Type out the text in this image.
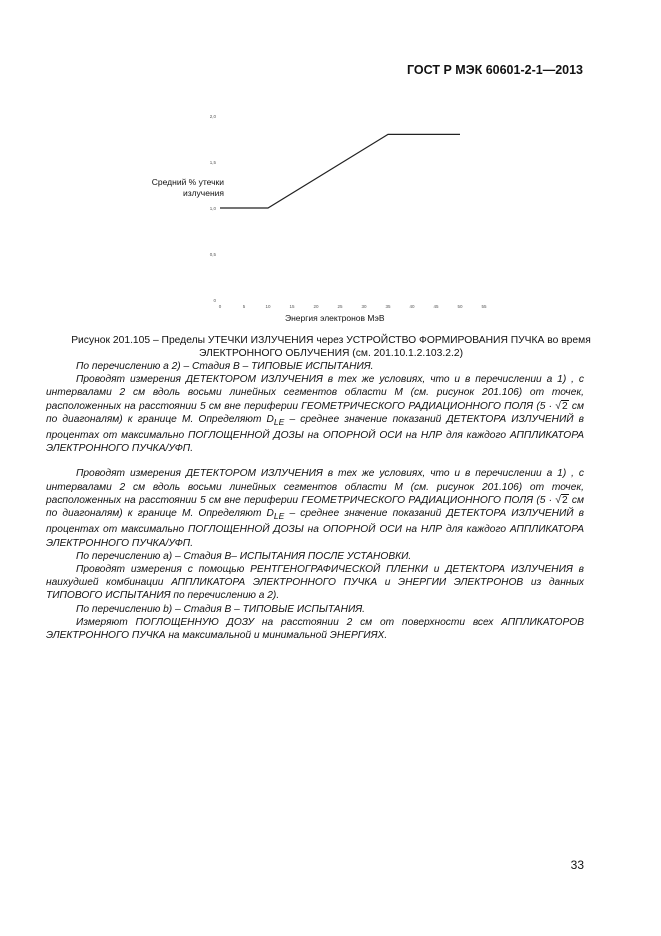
ГОСТ Р МЭК 60601-2-1—2013
0
0,5
1,0
1,5
2,0
0	5	10	15	20	25	30	35	40	45	50	55
Средний % утечки излучения
Энергия электронов МэВ
Рисунок 201.105 – Пределы УТЕЧКИ ИЗЛУЧЕНИЯ через УСТРОЙСТВО ФОРМИРОВАНИЯ ПУЧКА во время ЭЛЕКТРОННОГО ОБЛУЧЕНИЯ (см. 201.10.1.2.103.2.2)

По перечислению а 2) – Стадия В – ТИПОВЫЕ ИСПЫТАНИЯ.

Проводят измерения ДЕТЕКТОРОМ ИЗЛУЧЕНИЯ в тех же условиях, что и в перечислении а 1) , с интервалами 2 см вдоль восьми линейных сегментов области М (см. рисунок 201.106) от точек, расположенных на расстоянии 5 см вне периферии ГЕОМЕТРИЧЕСКОГО РАДИАЦИОННОГО ПОЛЯ (5 · √2 см по диагоналям) к границе М. Определяют $D_{LE}$ – среднее значение показаний ДЕТЕКТОРА ИЗЛУЧЕНИЙ в процентах от максимально ПОГЛОЩЕННОЙ ДОЗЫ на ОПОРНОЙ ОСИ на НЛР для каждого АППЛИКАТОРА ЭЛЕКТРОННОГО ПУЧКА/УФП.

Проводят измерения ДЕТЕКТОРОМ ИЗЛУЧЕНИЯ в тех же условиях, что и в перечислении а 1) , с интервалами 2 см вдоль восьми линейных сегментов области М (см. рисунок 201.106) от точек, расположенных на расстоянии 5 см вне периферии ГЕОМЕТРИЧЕСКОГО РАДИАЦИОННОГО ПОЛЯ (5 · √2 см по диагоналям) к границе М. Определяют $D_{LE}$ – среднее значение показаний ДЕТЕКТОРА ИЗЛУЧЕНИЙ в процентах от максимально ПОГЛОЩЕННОЙ ДОЗЫ на ОПОРНОЙ ОСИ на НЛР для каждого АППЛИКАТОРА ЭЛЕКТРОННОГО ПУЧКА/УФП.

По перечислению а) – Стадия В– ИСПЫТАНИЯ ПОСЛЕ УСТАНОВКИ.

Проводят измерения с помощью РЕНТГЕНОГРАФИЧЕСКОЙ ПЛЕНКИ и ДЕТЕКТОРА ИЗЛУЧЕНИЯ в наихудшей комбинации АППЛИКАТОРА ЭЛЕКТРОННОГО ПУЧКА и ЭНЕРГИИ ЭЛЕКТРОНОВ из данных ТИПОВОГО ИСПЫТАНИЯ по перечислению а 2).

По перечислению b) – Стадия В – ТИПОВЫЕ ИСПЫТАНИЯ.

Измеряют ПОГЛОЩЕННУЮ ДОЗУ на расстоянии 2 см от поверхности всех АППЛИКАТОРОВ ЭЛЕКТРОННОГО ПУЧКА на максимальной и минимальной ЭНЕРГИЯХ.

33
